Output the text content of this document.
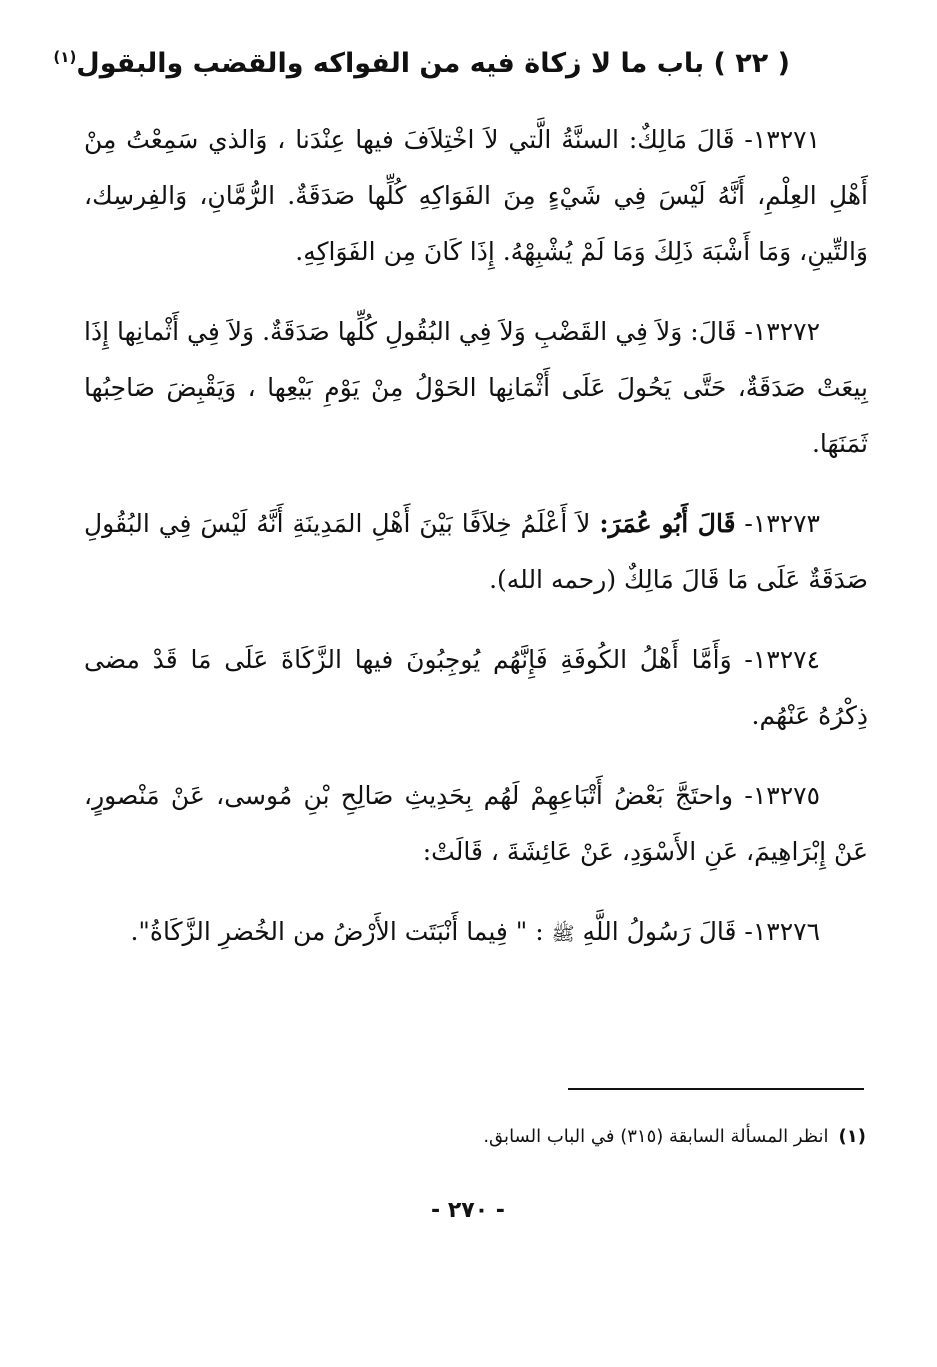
( ٢٢ ) باب ما لا زكاة فيه من الفواكه والقضب والبقول$^{(١)}$

١٣٢٧١- قَالَ مَالِكٌ: السنَّةُ الَّتي لاَ اخْتِلاَفَ فيها عِنْدَنا ، وَالذي سَمِعْتُ مِنْ أَهْلِ العِلْمِ، أَنَّهُ لَيْسَ فِي شَيْءٍ مِنَ الفَوَاكِهِ كُلِّها صَدَقَةٌ. الرُّمَّانِ، وَالفِرسِك، وَالتِّينِ، وَمَا أَشْبَهَ ذَلِكَ وَمَا لَمْ يُشْبِهْهُ. إِذَا كَانَ مِن الفَوَاكِهِ.

١٣٢٧٢- قَالَ: وَلاَ فِي القَضْبِ وَلاَ فِي البُقُولِ كُلِّها صَدَقَةٌ. وَلاَ فِي أَثْمانِها إِذَا بِيعَتْ صَدَقَةٌ، حَتَّى يَحُولَ عَلَى أَثْمَانِها الحَوْلُ مِنْ يَوْمِ بَيْعِها ، وَيَقْبِضَ صَاحِبُها ثَمَنَهَا.

١٣٢٧٣- قَالَ أَبُو عُمَرَ: لاَ أَعْلَمُ خِلاَفًا بَيْنَ أَهْلِ المَدِينَةِ أَنَّهُ لَيْسَ فِي البُقُولِ صَدَقَةٌ عَلَى مَا قَالَ مَالِكٌ (رحمه الله).

١٣٢٧٤- وَأَمَّا أَهْلُ الكُوفَةِ فَإِنَّهُم يُوجِبُونَ فيها الزَّكَاةَ عَلَى مَا قَدْ مضى ذِكْرُهُ عَنْهُم.

١٣٢٧٥- واحتَجَّ بَعْضُ أَتْبَاعِهِمْ لَهُم بِحَدِيثِ صَالِحِ بْنِ مُوسى، عَنْ مَنْصورٍ، عَنْ إِبْرَاهِيمَ، عَنِ الأَسْوَدِ، عَنْ عَائِشَةَ ، قَالَتْ:

١٣٢٧٦- قَالَ رَسُولُ اللَّهِ ﷺ : " فِيما أَنْبَتَت الأَرْضُ من الخُضرِ الزَّكَاةُ".

(١)انظر المسألة السابقة (٣١٥) في الباب السابق.

- ٢٧٠ -
